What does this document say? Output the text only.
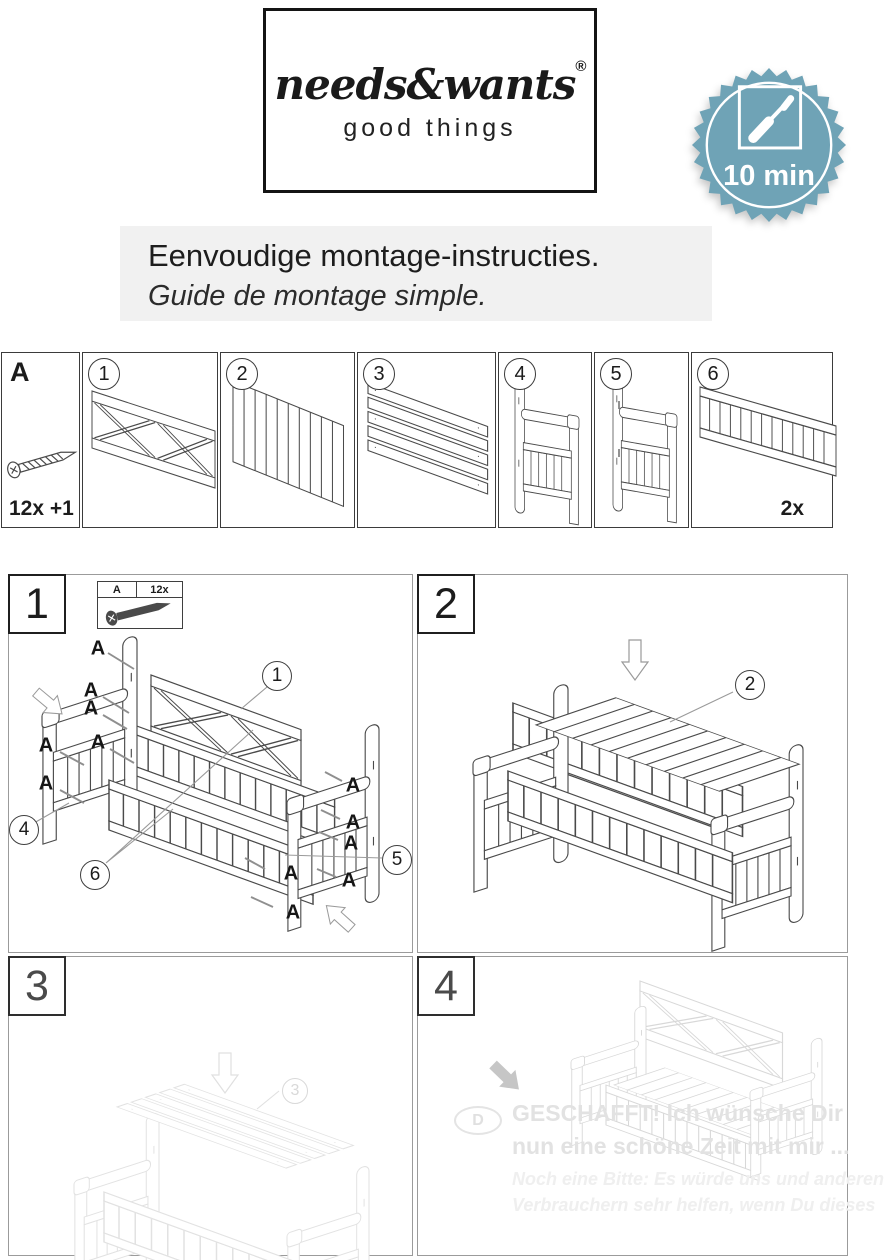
needs&wants®
good things
10 min
Eenvoudige montage-instructies.
Guide de montage simple.
A
12x +1
1	2	3	4	5	6
2x
1	A	12x
A
A
A
A A
A	A
A
A
A
A
A
1
4
6
5
2
2
3
3
4
D	GESCHAFFT! Ich wünsche Dir
nun eine schöne Zeit mit mir ...
Noch eine Bitte: Es würde uns und anderen
Verbrauchern sehr helfen, wenn Du dieses
